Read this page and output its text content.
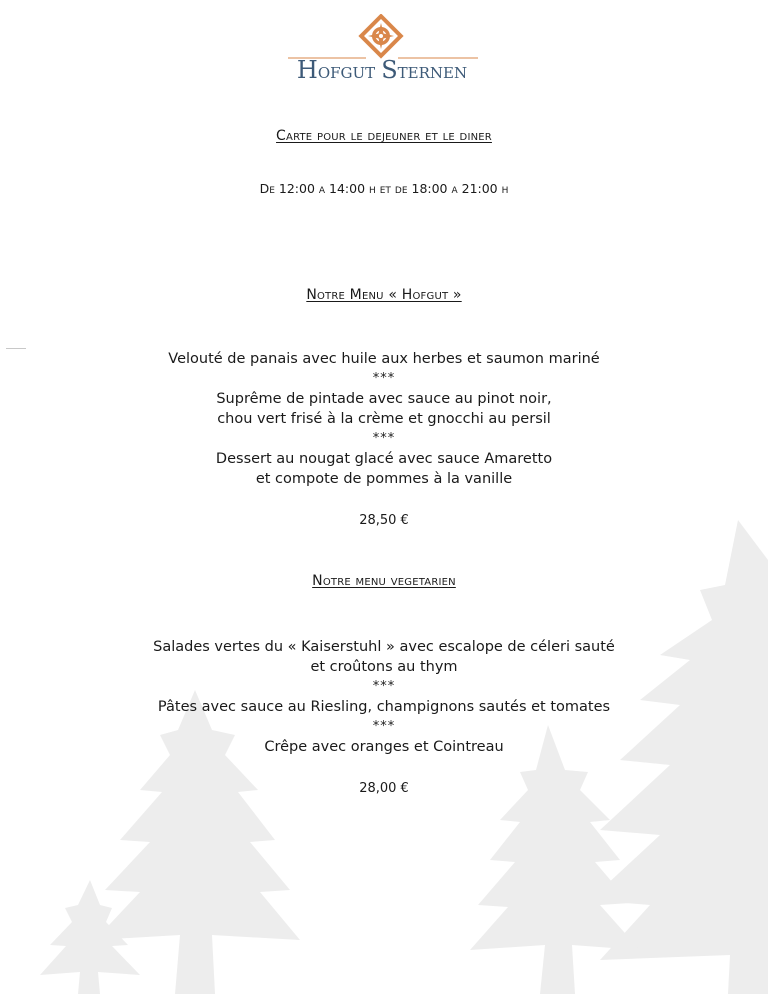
HOFGUT STERNEN
Carte pour le dejeuner et le diner
De 12:00 a 14:00 h et de 18:00 a 21:00 h
Notre Menu « Hofgut »
Velouté de panais avec huile aux herbes et saumon mariné
***
Suprême de pintade avec sauce au pinot noir,
chou vert frisé à la crème et gnocchi au persil
***
Dessert au nougat glacé avec sauce Amaretto
et compote de pommes à la vanille
28,50 €
Notre menu vegetarien
Salades vertes du « Kaiserstuhl » avec escalope de céleri sauté
et croûtons au thym
***
Pâtes avec sauce au Riesling, champignons sautés et tomates
***
Crêpe avec oranges et Cointreau
28,00 €
